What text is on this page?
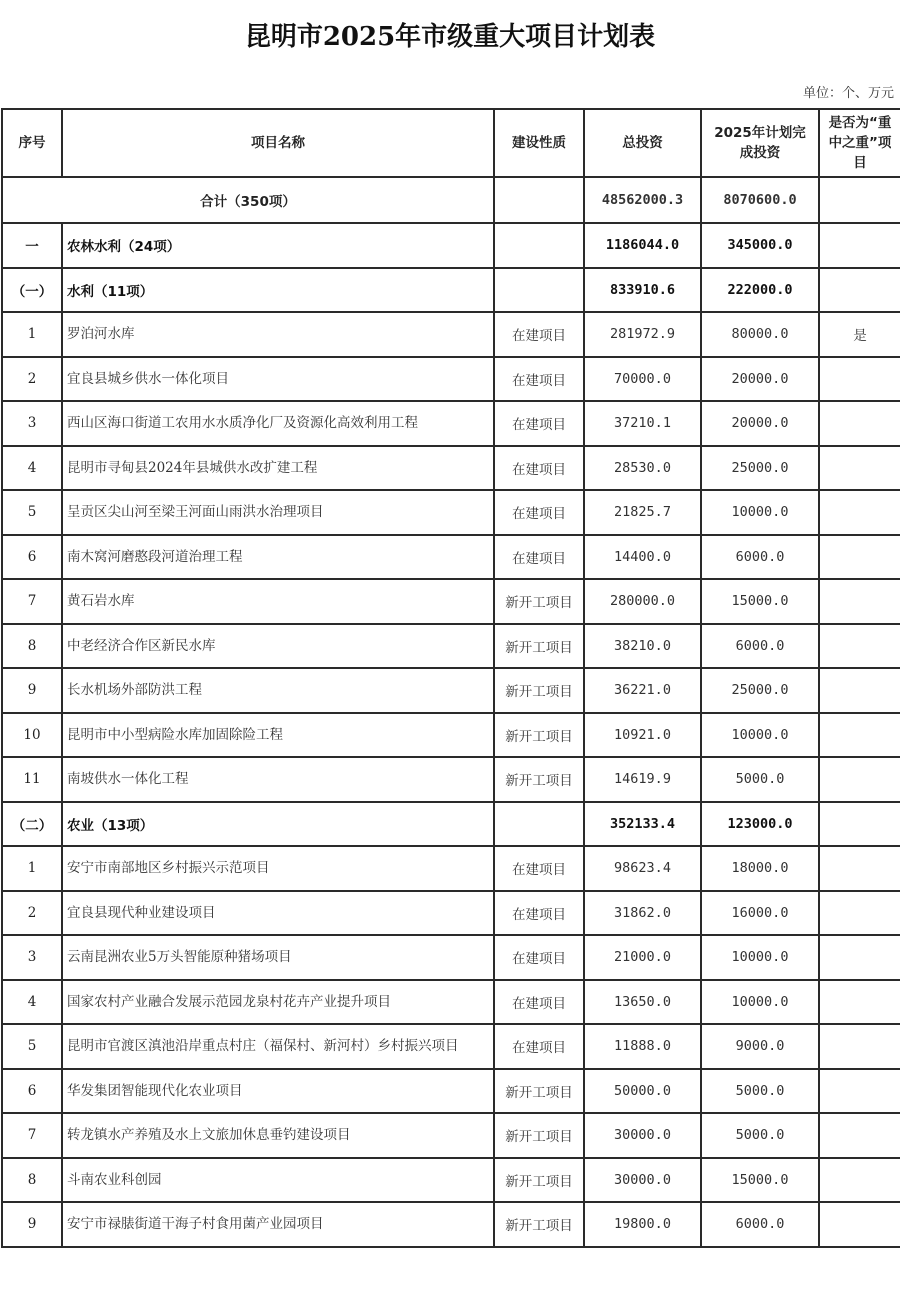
昆明市2025年市级重大项目计划表
单位：个、万元
序号	项目名称	建设性质	总投资	2025年计划完成投资	是否为“重中之重”项目
合计（350项）			48562000.3	8070600.0	
一	农林水利（24项）		1186044.0	345000.0	
（一）	水利（11项）		833910.6	222000.0	
1	罗泊河水库	在建项目	281972.9	80000.0	是
2	宜良县城乡供水一体化项目	在建项目	70000.0	20000.0	
3	西山区海口街道工农用水水质净化厂及资源化高效利用工程	在建项目	37210.1	20000.0	
4	昆明市寻甸县2024年县城供水改扩建工程	在建项目	28530.0	25000.0	
5	呈贡区尖山河至梁王河面山雨洪水治理项目	在建项目	21825.7	10000.0	
6	南木窝河磨憨段河道治理工程	在建项目	14400.0	6000.0	
7	黄石岩水库	新开工项目	280000.0	15000.0	
8	中老经济合作区新民水库	新开工项目	38210.0	6000.0	
9	长水机场外部防洪工程	新开工项目	36221.0	25000.0	
10	昆明市中小型病险水库加固除险工程	新开工项目	10921.0	10000.0	
11	南坡供水一体化工程	新开工项目	14619.9	5000.0	
（二）	农业（13项）		352133.4	123000.0	
1	安宁市南部地区乡村振兴示范项目	在建项目	98623.4	18000.0	
2	宜良县现代种业建设项目	在建项目	31862.0	16000.0	
3	云南昆洲农业5万头智能原种猪场项目	在建项目	21000.0	10000.0	
4	国家农村产业融合发展示范园龙泉村花卉产业提升项目	在建项目	13650.0	10000.0	
5	昆明市官渡区滇池沿岸重点村庄（福保村、新河村）乡村振兴项目	在建项目	11888.0	9000.0	
6	华发集团智能现代化农业项目	新开工项目	50000.0	5000.0	
7	转龙镇水产养殖及水上文旅加休息垂钓建设项目	新开工项目	30000.0	5000.0	
8	斗南农业科创园	新开工项目	30000.0	15000.0	
9	安宁市禄脿街道干海子村食用菌产业园项目	新开工项目	19800.0	6000.0	
